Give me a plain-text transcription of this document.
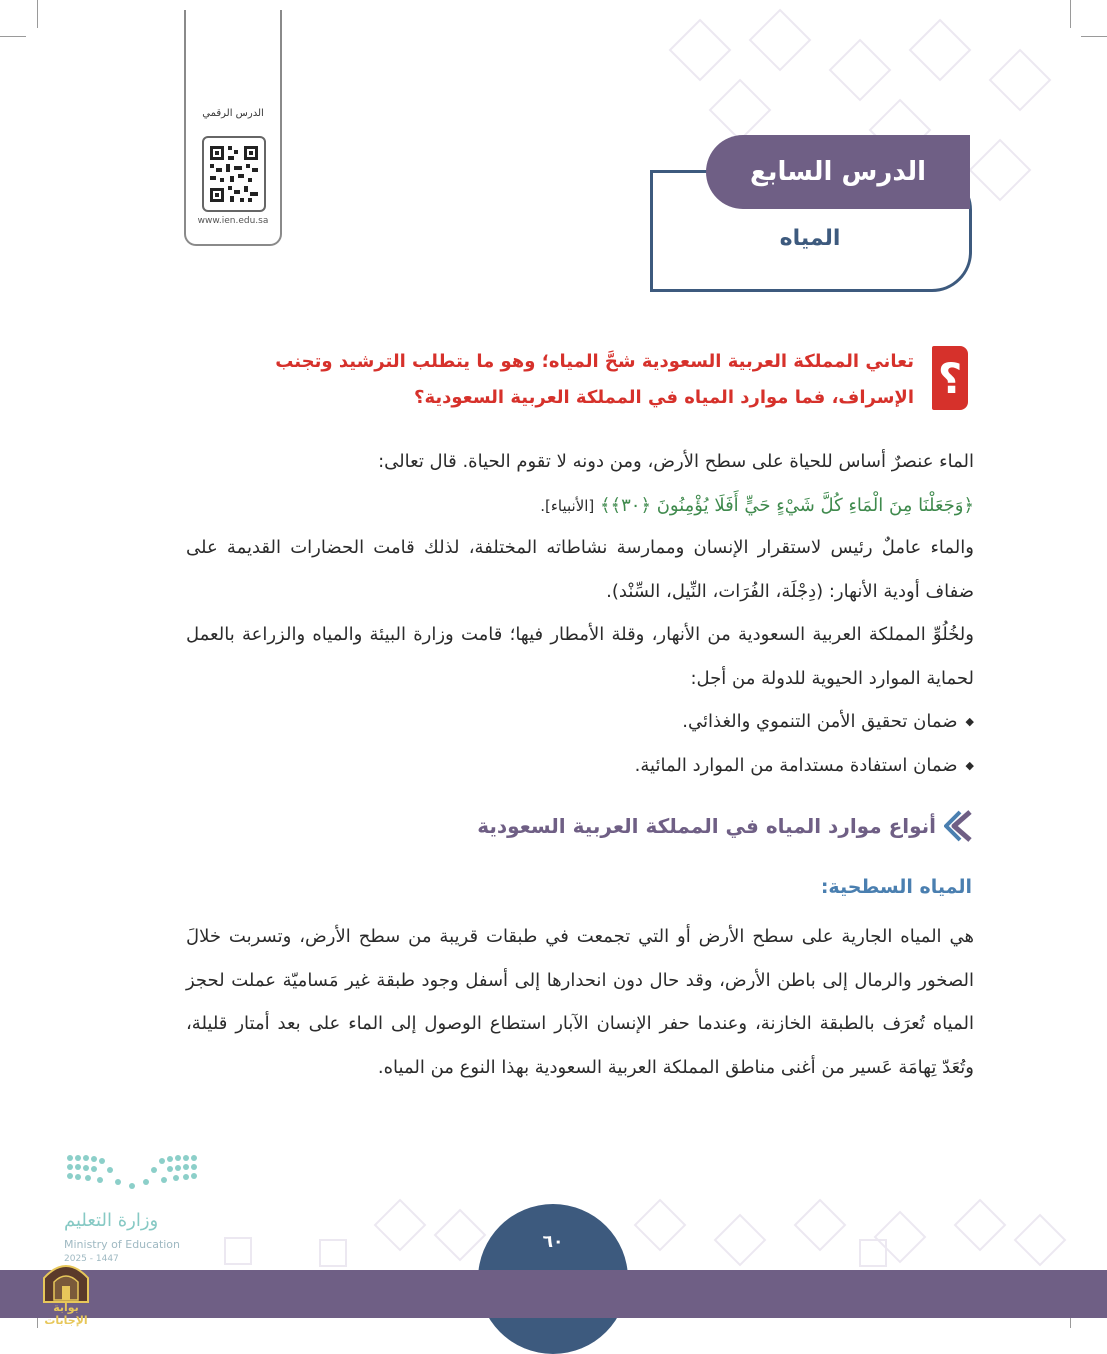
الدرس الرقمي
www.ien.edu.sa
الدرس السابع
المياه
؟
تعاني المملكة العربية السعودية شحَّ المياه؛ وهو ما يتطلب الترشيد وتجنب
الإسراف، فما موارد المياه في المملكة العربية السعودية؟
الماء عنصرٌ أساس للحياة على سطح الأرض، ومن دونه لا تقوم الحياة. قال تعالى:
﴿وَجَعَلْنَا مِنَ الْمَاءِ كُلَّ شَيْءٍ حَيٍّ أَفَلَا يُؤْمِنُونَ ﴿٣٠﴾﴾ [الأنبياء].
والماء عاملٌ رئيس لاستقرار الإنسان وممارسة نشاطاته المختلفة، لذلك قامت الحضارات القديمة على ضفاف أودية الأنهار: (دِجْلَة، الفُرَات، النِّيل، السِّنْد).
ولخُلُوِّ المملكة العربية السعودية من الأنهار، وقلة الأمطار فيها؛ قامت وزارة البيئة والمياه والزراعة بالعمل لحماية الموارد الحيوية للدولة من أجل:
◆ ضمان تحقيق الأمن التنموي والغذائي.
◆ ضمان استفادة مستدامة من الموارد المائية.
أنواع موارد المياه في المملكة العربية السعودية
المياه السطحية:
هي المياه الجارية على سطح الأرض أو التي تجمعت في طبقات قريبة من سطح الأرض، وتسربت خلالَ الصخور والرمال إلى باطن الأرض، وقد حال دون انحدارها إلى أسفل وجود طبقة غير مَساميّة عملت لحجز المياه تُعرَف بالطبقة الخازنة، وعندما حفر الإنسان الآبار استطاع الوصول إلى الماء على بعد أمتار قليلة، وتُعَدّ تِهامَة عَسير من أغنى مناطق المملكة العربية السعودية بهذا النوع من المياه.
وزارة التعليم
Ministry of Education
2025 - 1447
٦٠
بوابة الإجابات
